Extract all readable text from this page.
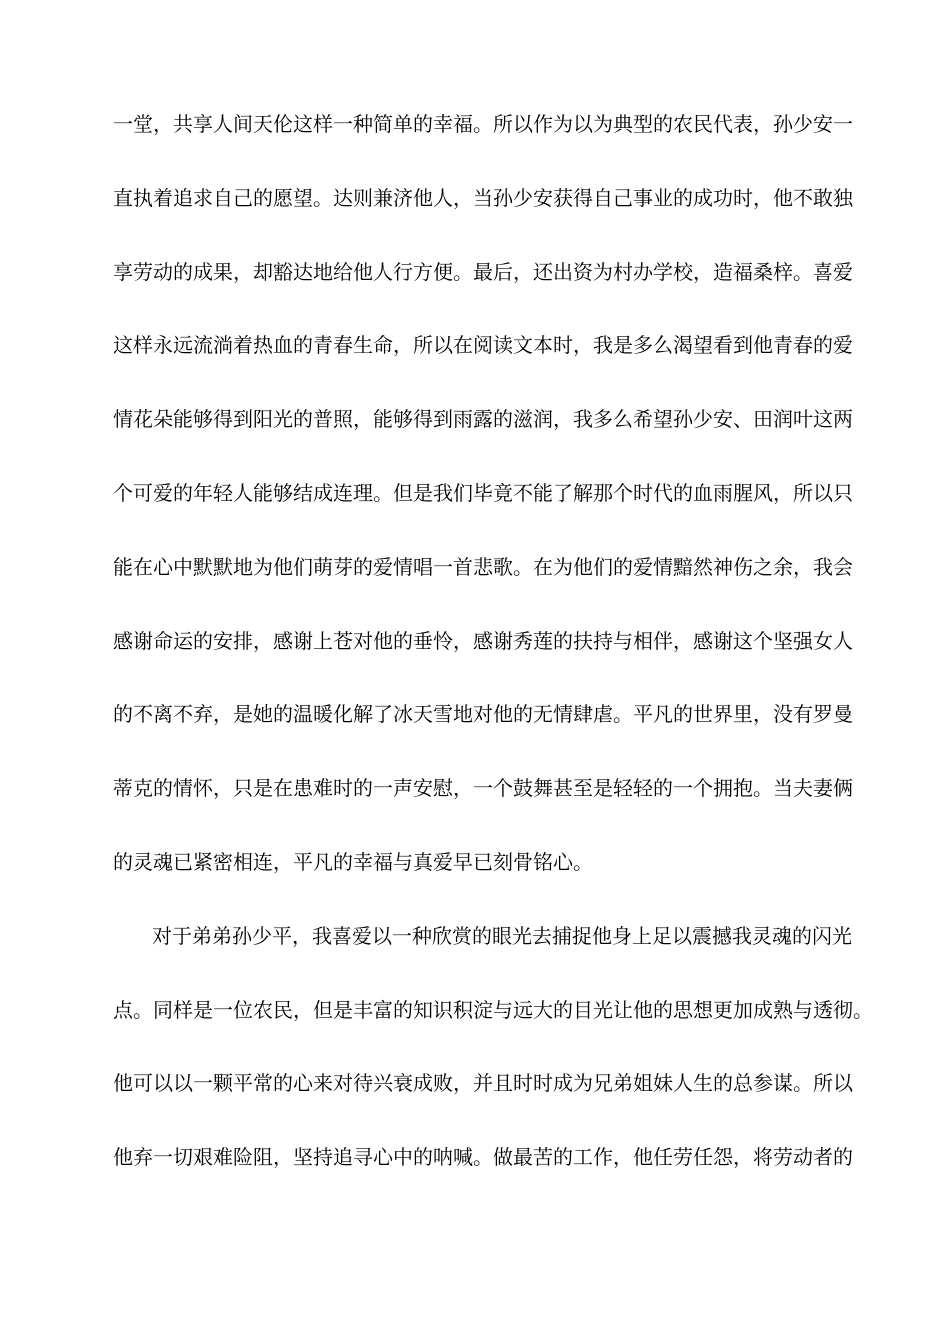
一堂，共享人间天伦这样一种简单的幸福。所以作为以为典型的农民代表，孙少安一
直执着追求自己的愿望。达则兼济他人，当孙少安获得自己事业的成功时，他不敢独
享劳动的成果，却豁达地给他人行方便。最后，还出资为村办学校，造福桑梓。喜爱
这样永远流淌着热血的青春生命，所以在阅读文本时，我是多么渴望看到他青春的爱
情花朵能够得到阳光的普照，能够得到雨露的滋润，我多么希望孙少安、田润叶这两
个可爱的年轻人能够结成连理。但是我们毕竟不能了解那个时代的血雨腥风，所以只
能在心中默默地为他们萌芽的爱情唱一首悲歌。在为他们的爱情黯然神伤之余，我会
感谢命运的安排，感谢上苍对他的垂怜，感谢秀莲的扶持与相伴，感谢这个坚强女人
的不离不弃，是她的温暖化解了冰天雪地对他的无情肆虐。平凡的世界里，没有罗曼
蒂克的情怀，只是在患难时的一声安慰，一个鼓舞甚至是轻轻的一个拥抱。当夫妻俩
的灵魂已紧密相连，平凡的幸福与真爱早已刻骨铭心。
对于弟弟孙少平，我喜爱以一种欣赏的眼光去捕捉他身上足以震撼我灵魂的闪光
点。同样是一位农民，但是丰富的知识积淀与远大的目光让他的思想更加成熟与透彻。
他可以以一颗平常的心来对待兴衰成败，并且时时成为兄弟姐妹人生的总参谋。所以
他弃一切艰难险阻，坚持追寻心中的呐喊。做最苦的工作，他任劳任怨，将劳动者的
